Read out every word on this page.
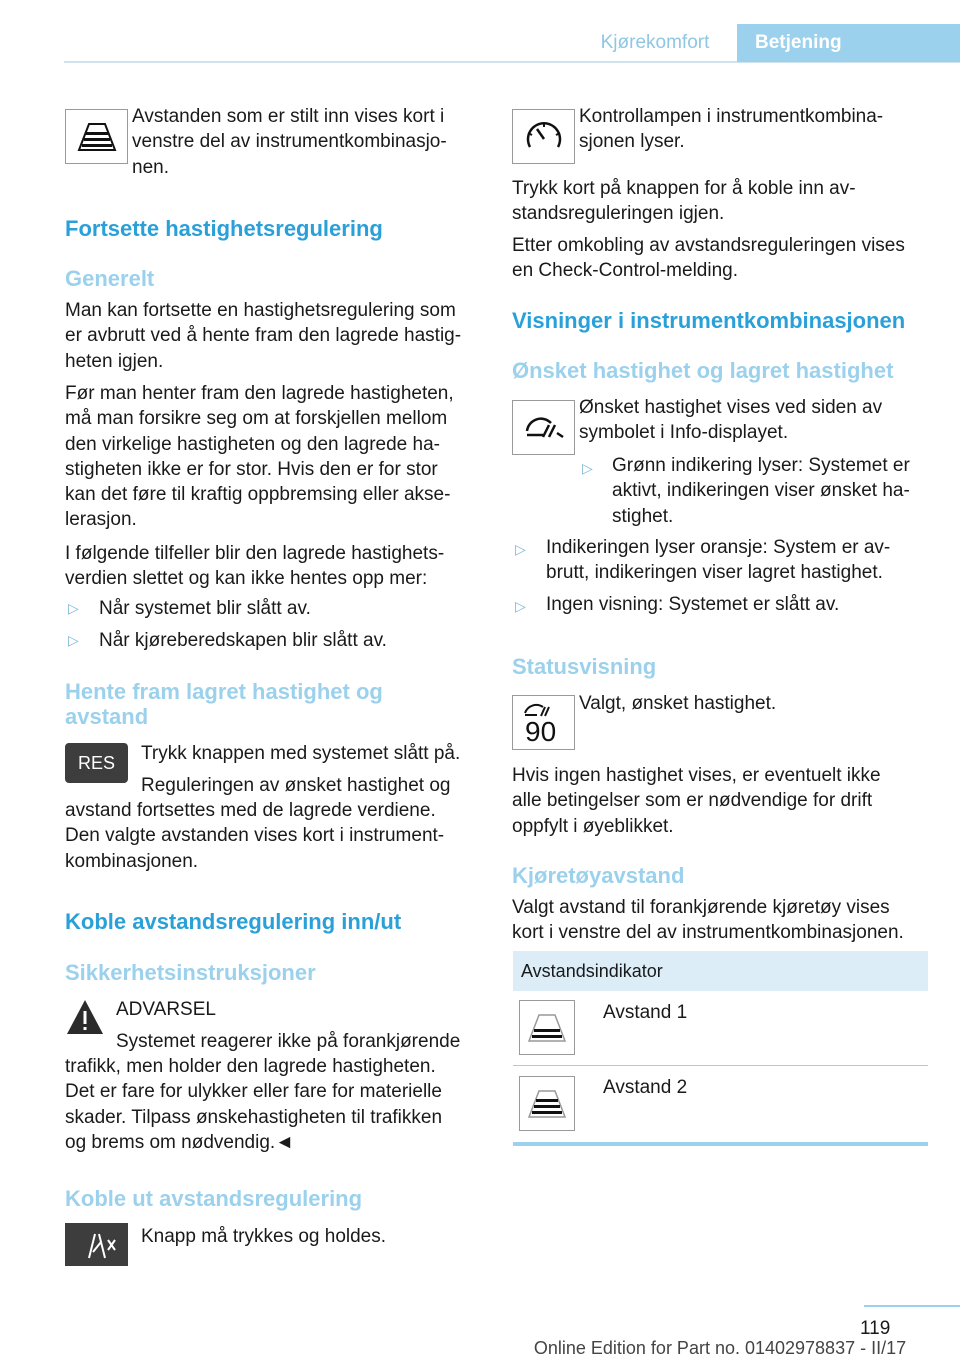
Kjørekomfort	Betjening

Avstanden som er stilt inn vises kort i

venstre del av instrumentkombinasjo-

nen.

Fortsette hastighetsregulering

Generelt

Man kan fortsette en hastighetsregulering som

er avbrutt ved å hente fram den lagrede hastig-

heten igjen.

Før man henter fram den lagrede hastigheten,

må man forsikre seg om at forskjellen mellom

den virkelige hastigheten og den lagrede ha-

stigheten ikke er for stor. Hvis den er for stor

kan det føre til kraftig oppbremsing eller akse-

lerasjon.

I følgende tilfeller blir den lagrede hastighets-

verdien slettet og kan ikke hentes opp mer:

▷ Når systemet blir slått av.
▷ Når kjøreberedskapen blir slått av.

Hente fram lagret hastighet og

avstand

RES Trykk knappen med systemet slått på.

Reguleringen av ønsket hastighet og

avstand fortsettes med de lagrede verdiene.

Den valgte avstanden vises kort i instrument-

kombinasjonen.

Koble avstandsregulering inn/ut

Sikkerhetsinstruksjoner

ADVARSEL

Systemet reagerer ikke på forankjørende

trafikk, men holder den lagrede hastigheten.

Det er fare for ulykker eller fare for materielle

skader. Tilpass ønskehastigheten til trafikken

og brems om nødvendig.◄

Koble ut avstandsregulering

Knapp må trykkes og holdes.

Kontrollampen i instrumentkombina-

sjonen lyser.

Trykk kort på knappen for å koble inn av-

standsreguleringen igjen.

Etter omkobling av avstandsreguleringen vises

en Check-Control-melding.

Visninger i instrumentkombinasjonen

Ønsket hastighet og lagret hastighet

Ønsket hastighet vises ved siden av

symbolet i Info-displayet.

▷ Grønn indikering lyser: Systemet er

aktivt, indikeringen viser ønsket ha-

stighet.

▷ Indikeringen lyser oransje: System er av-

brutt, indikeringen viser lagret hastighet.

▷ Ingen visning: Systemet er slått av.

Statusvisning

90

Valgt, ønsket hastighet.

Hvis ingen hastighet vises, er eventuelt ikke

alle betingelser som er nødvendige for drift

oppfylt i øyeblikket.

Kjøretøyavstand

Valgt avstand til forankjørende kjøretøy vises

kort i venstre del av instrumentkombinasjonen.

Avstandsindikator

Avstand 1

Avstand 2

119
Online Edition for Part no. 01402978837 - II/17
